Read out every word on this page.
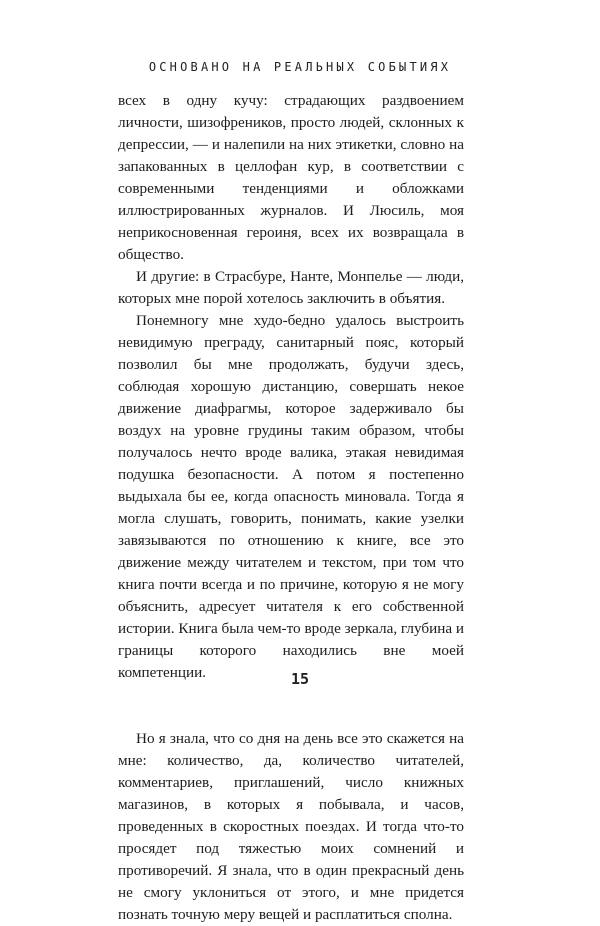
ОСНОВАНО НА РЕАЛЬНЫХ СОБЫТИЯХ

всех в одну кучу: страдающих раздвоением личности, шизофреников, просто людей, склонных к депрессии, — и налепили на них этикетки, словно на запакованных в целлофан кур, в соответствии с современными тенденциями и обложками иллюстрированных журналов. И Люсиль, моя неприкосновенная героиня, всех их возвращала в общество.

И другие: в Страсбуре, Нанте, Монпелье — люди, которых мне порой хотелось заключить в объятия.

Понемногу мне худо-бедно удалось выстроить невидимую преграду, санитарный пояс, который позволил бы мне продолжать, будучи здесь, соблюдая хорошую дистанцию, совершать некое движение диафрагмы, которое задерживало бы воздух на уровне грудины таким образом, чтобы получалось нечто вроде валика, этакая невидимая подушка безопасности. А потом я постепенно выдыхала бы ее, когда опасность миновала. Тогда я могла слушать, говорить, понимать, какие узелки завязываются по отношению к книге, все это движение между читателем и текстом, при том что книга почти всегда и по причине, которую я не могу объяснить, адресует читателя к его собственной истории. Книга была чем-то вроде зеркала, глубина и границы которого находились вне моей компетенции.

Но я знала, что со дня на день все это скажется на мне: количество, да, количество читателей, комментариев, приглашений, число книжных магазинов, в которых я побывала, и часов, проведенных в скоростных поездах. И тогда что-то просядет под тяжестью моих сомнений и противоречий. Я знала, что в один прекрасный день не смогу уклониться от этого, и мне придется познать точную меру вещей и расплатиться сполна.

15
